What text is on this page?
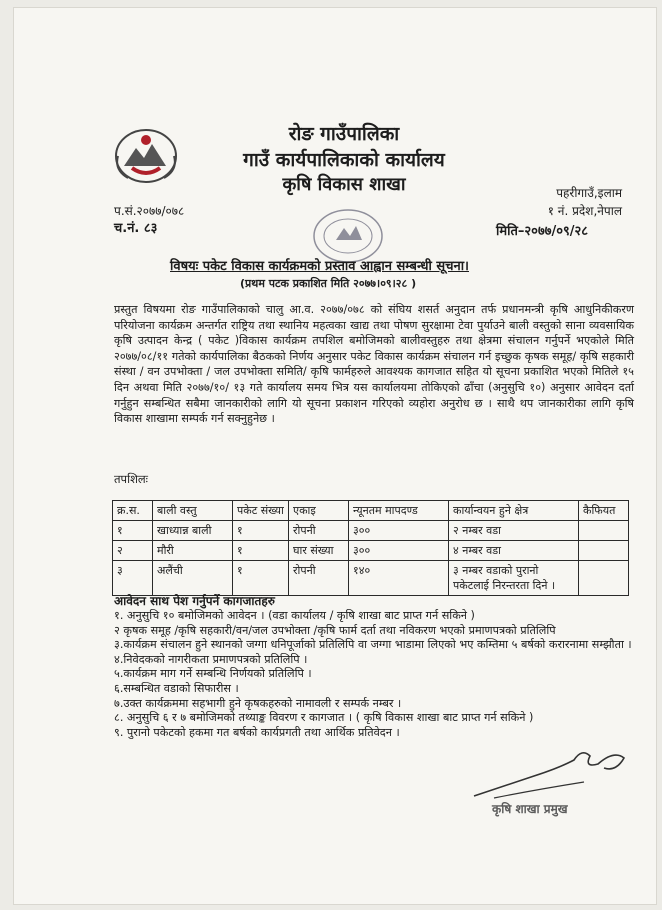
रोङ गाउँपालिका
गाउँ कार्यपालिकाको कार्यालय
कृषि विकास शाखा
प.सं.२०७७/०७८
च.नं. ८३
पहरीगाउँ,इलाम
१ नं. प्रदेश,नेपाल
मिति–२०७७/०९/२८
विषयः पकेट विकास कार्यक्रमको प्रस्ताव आह्वान सम्बन्धी सूचना।
(प्रथम पटक प्रकाशित मिति २०७७।०९।२८ )

प्रस्तुत विषयमा रोङ गाउँपालिकाको चालु आ.व. २०७७/०७८ को संघिय शसर्त अनुदान तर्फ प्रधानमन्त्री कृषि आधुनिकीकरण परियोजना कार्यक्रम अन्तर्गत राष्ट्रिय तथा स्थानिय महत्वका खाद्य तथा पोषण सुरक्षामा टेवा पुर्याउने बाली वस्तुको साना व्यवसायिक कृषि उत्पादन केन्द्र ( पकेट )विकास कार्यक्रम तपशिल बमोजिमको बालीवस्तुहरु तथा क्षेत्रमा संचालन गर्नुपर्ने भएकोले मिति २०७७/०८/११ गतेको कार्यपालिका बैठकको निर्णय अनुसार पकेट विकास कार्यक्रम संचालन गर्न इच्छुक कृषक समूह/ कृषि सहकारी संस्था / वन उपभोक्ता / जल उपभोक्ता समिति/ कृषि फार्महरुले आवश्यक कागजात सहित यो सूचना प्रकाशित भएको मितिले १५ दिन अथवा मिति २०७७/१०/ १३ गते कार्यालय समय भित्र यस कार्यालयमा तोकिएको ढाँचा (अनुसुचि १०) अनुसार आवेदन दर्ता गर्नुहुन सम्बन्धित सबैमा जानकारीको लागि यो सूचना प्रकाशन गरिएको व्यहोरा अनुरोध छ । साथै थप जानकारीका लागि कृषि विकास शाखामा सम्पर्क गर्न सक्नुहुनेछ ।

तपशिलः
क्र.स.	बाली वस्तु	पकेट संख्या	एकाइ	न्यूनतम मापदण्ड	कार्यान्वयन हुने क्षेत्र	कैफियत
१	खाध्यान्न बाली	१	रोपनी	३००	२ नम्बर वडा	
२	मौरी	१	घार संख्या	३००	४ नम्बर वडा	
३	अलैंची	१	रोपनी	१४०	३ नम्बर वडाको पुरानो पकेटलाई निरन्तरता दिने ।	
आवेदन साथ पेश गर्नुपर्ने कागजातहरु
१. अनुसुचि १० बमोजिमको आवेदन । (वडा कार्यालय / कृषि शाखा बाट प्राप्त गर्न सकिने )
२ कृषक समूह /कृषि सहकारी/वन/जल उपभोक्ता /कृषि फार्म दर्ता तथा नविकरण भएको प्रमाणपत्रको प्रतिलिपि
३.कार्यक्रम संचालन हुने स्थानको जग्गा धनिपूर्जाको प्रतिलिपि वा जग्गा भाडामा लिएको भए कम्तिमा ५ बर्षको करारनामा सम्झौता ।
४.निवेदकको नागरीकता प्रमाणपत्रको प्रतिलिपि ।
५.कार्यक्रम माग गर्ने सम्बन्धि निर्णयको प्रतिलिपि ।
६.सम्बन्धित वडाको सिफारीस ।
७.उक्त कार्यक्रममा सहभागी हुने कृषकहरुको नामावली र सम्पर्क नम्बर ।
८. अनुसुचि ६ र ७ बमोजिमको तथ्याङ्क विवरण र कागजात । ( कृषि विकास शाखा बाट प्राप्त गर्न सकिने )
९. पुरानो पकेटको हकमा गत बर्षको कार्यप्रगती तथा आर्थिक प्रतिवेदन ।
कृषि शाखा प्रमुख
